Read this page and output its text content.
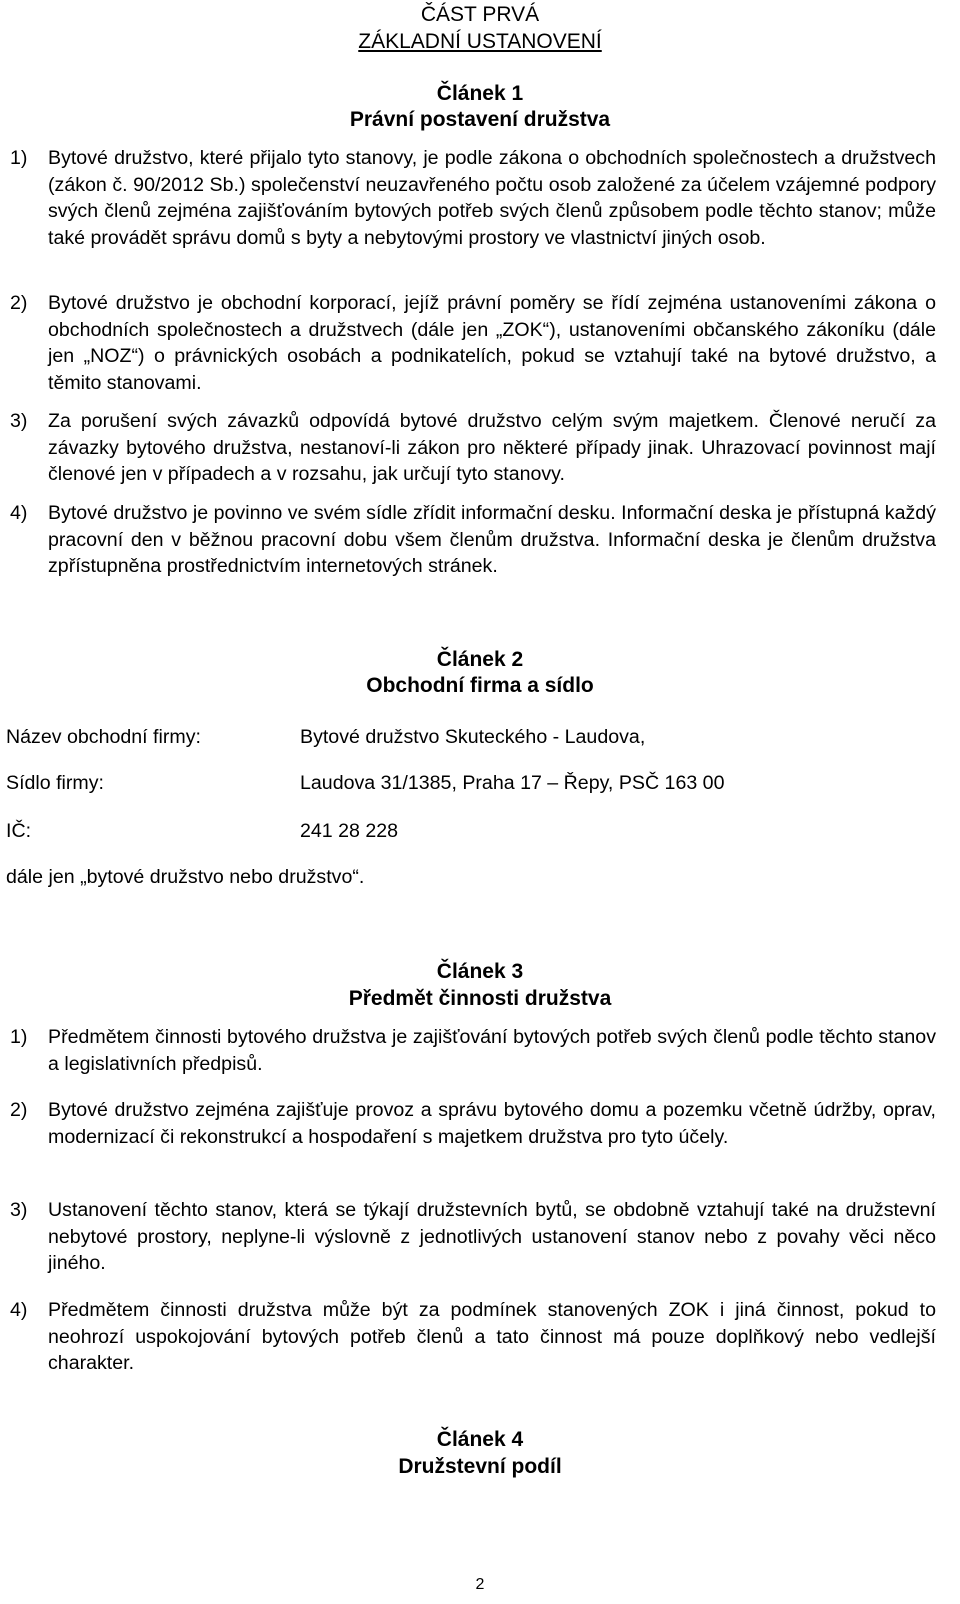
ČÁST PRVÁ
ZÁKLADNÍ USTANOVENÍ
Článek 1
Právní postavení družstva
1)	Bytové družstvo, které přijalo tyto stanovy, je podle zákona o obchodních společnostech a družstvech (zákon č. 90/2012 Sb.) společenství neuzavřeného počtu osob založené za účelem vzájemné podpory svých členů zejména zajišťováním bytových potřeb svých členů způsobem podle těchto stanov; může také provádět správu domů s byty a nebytovými prostory ve vlastnictví jiných osob.
2)	Bytové družstvo je obchodní korporací, jejíž právní poměry se řídí zejména ustanoveními zákona o obchodních společnostech a družstvech (dále jen „ZOK“), ustanoveními občanského zákoníku (dále jen „NOZ“) o právnických osobách a podnikatelích, pokud se vztahují také na bytové družstvo, a těmito stanovami.
3)	Za porušení svých závazků odpovídá bytové družstvo celým svým majetkem. Členové neručí za závazky bytového družstva, nestanoví-li zákon pro některé případy jinak. Uhrazovací povinnost mají členové jen v případech a v rozsahu, jak určují tyto stanovy.
4)	Bytové družstvo je povinno ve svém sídle zřídit informační desku. Informační deska je přístupná každý pracovní den v běžnou pracovní dobu všem členům družstva. Informační deska je členům družstva zpřístupněna prostřednictvím internetových stránek.
Článek 2
Obchodní firma a sídlo
Název obchodní firmy:	Bytové družstvo Skuteckého - Laudova,
Sídlo firmy:	Laudova 31/1385, Praha 17 – Řepy, PSČ 163 00
IČ:	241 28 228
dále jen „bytové družstvo nebo družstvo“.
Článek 3
Předmět činnosti družstva
1)	Předmětem činnosti bytového družstva je zajišťování bytových potřeb svých členů podle těchto stanov a legislativních předpisů.
2)	Bytové družstvo zejména zajišťuje provoz a správu bytového domu a pozemku včetně údržby, oprav, modernizací či rekonstrukcí a hospodaření s majetkem družstva pro tyto účely.
3)	Ustanovení těchto stanov, která se týkají družstevních bytů, se obdobně vztahují také na družstevní nebytové prostory, neplyne-li výslovně z jednotlivých ustanovení stanov nebo z povahy věci něco jiného.
4)	Předmětem činnosti družstva může být za podmínek stanovených ZOK i jiná činnost, pokud to neohrozí uspokojování bytových potřeb členů a tato činnost má pouze doplňkový nebo vedlejší charakter.
Článek 4
Družstevní podíl
2
